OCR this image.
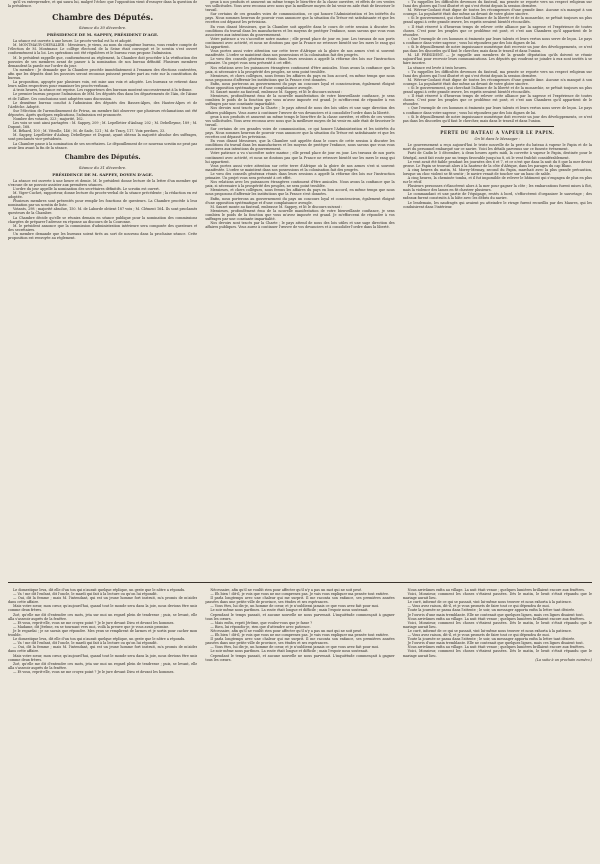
qu'il va entreprendre, et qui saura lui, malgré l'échec que l'opposition vient d'essuyer dans la question de la présidence.

Chambre des Députés.
Séance du 30 décembre.
PRÉSIDENCE DE M. SAPPEY, PRÉSIDENT D'AGE.

La séance est ouverte à une heure. Le procès-verbal est lu et adopté.

M. MONTMAUR-CHEVALIER : Messieurs, je viens, au nom du cinquième bureau, vous rendre compte de l'élection de M. Montmaur. Le collège électoral de la Seine était convoqué et le scrutin s'est ouvert conformément à la loi. Les opérations ont été régulières et le bureau vous propose l'admission.

M. le président rappelle que, conformément au règlement, la Chambre doit procéder à la vérification des pouvoirs de ses membres avant de passer à la nomination de son bureau définitif. Plusieurs membres demandent la parole sur l'ordre du jour.

Un membre : Je demande que la Chambre procède immédiatement à l'examen des élections contestées, afin que les députés dont les pouvoirs seront reconnus puissent prendre part au vote sur la constitution du bureau.

La proposition, appuyée par plusieurs voix, est mise aux voix et adoptée. Les bureaux se retirent dans leurs salles respectives pour examiner les procès-verbaux.

A trois heures, la séance est reprise. Les rapporteurs des bureaux montent successivement à la tribune.

Le premier bureau propose l'admission de MM. les députés élus dans les départements de l'Ain, de l'Aisne et de l'Allier. Ces conclusions sont adoptées sans discussion.

Le deuxième bureau conclut à l'admission des députés des Basses-Alpes, des Hautes-Alpes et de l'Ardèche. Adopté.

Sur l'élection de l'arrondissement de Privas, un membre fait observer que plusieurs réclamations ont été déposées. Après quelques explications, l'admission est prononcée.

Nombre des votants, 323 ; majorité, 162.

Les voix se sont ainsi partagées : M. Sappey, 209 ; M. Lepelletier d'Aulnay, 202 ; M. Debelleyme, 189 ; M. Dupont, 168.

M. Béhard, 100 ; M. Vitrolle, 146 ; M. de Sade, 121 ; M. de Tracy, 117. Voix perdues, 33.

M. Sappey, Lepelletier d'Aulnay, Debelleyme et Dupont, ayant obtenu la majorité absolue des suffrages, sont proclamés vice-présidents.

La Chambre passe à la nomination de ses secrétaires. Le dépouillement de ce nouveau scrutin ne peut pas avoir lieu avant la fin de la séance.

Chambre des Députés.
Séance du 31 décembre.
PRÉSIDENCE DE M. SAPPEY, DOYEN D'AGE.

La séance est ouverte à une heure et demie. M. le président donne lecture de la lettre d'un membre qui s'excuse de ne pouvoir assister aux premières séances.

L'ordre du jour appelle la nomination des secrétaires définitifs. Le scrutin est ouvert.

M. Viger-Cuchet, rapporteur, donne lecture du procès-verbal de la séance précédente ; la rédaction en est adoptée.

Plusieurs membres sont présentés pour remplir les fonctions de questeurs. La Chambre procède à leur nomination par un scrutin de liste.

Votants, 298 ; majorité absolue, 150. M. de Laborde obtient 187 voix ; M. Clément 164. Ils sont proclamés questeurs de la Chambre.

La Chambre décide qu'elle se réunira demain en séance publique pour la nomination des commissions chargées de préparer l'adresse en réponse au discours de la Couronne.

M. le président annonce que la commission d'administration intérieure sera composée des questeurs et des secrétaires.

Un membre demande que les bureaux soient tirés au sort de nouveau dans la prochaine séance. Cette proposition est renvoyée au règlement.

geux à nos produits et assurent un même temps le bien-être de la classe ouvrière, et effets de ces ventes vos sollicitudes. Vous avez reconnu avec nous que la meilleure moyen de lui venir en aide était de favoriser le travail.

Sur certains de ces grandes voies de communication, ce qui honore l'Administration et les intérêts du pays. Nous sommes heureux de pouvoir vous annoncer que la situation du Trésor est satisfaisante et que les recettes ont dépassé les prévisions.

En vous disant Messieurs, que la Chambre soit appelée dans le cours de cette session à discuter les conditions du travail dans les manufactures et les moyens de protéger l'enfance, nous savons que vous vous associerez aux intentions du gouvernement.

Votre patience a vu s'accroître notre marine ; elle prend place de jour en jour. Les travaux de nos ports continuent avec activité, et nous ne doutons pas que la France ne retrouve bientôt sur les mers le rang qui lui appartient.

Vous portez aussi votre attention sur cette terre d'Afrique où la gloire de nos armes s'est si souvent manifestée. L'ordre se maintient dans nos possessions et la colonisation fait des progrès.

Le vœu des conseils généraux réunis dans leurs sessions a appelé la réforme des lois sur l'instruction primaire. Un projet vous sera présenté à cet effet.

Nos relations avec les puissances étrangères continuent d'être amicales. Nous avons la confiance que la paix, si nécessaire à la prospérité des peuples, ne sera point troublée.

Messieurs, et chers collègues, nous ferons les affaires du pays en bon accord, en même temps que nous nous proposons d'affermir les institutions que la France s'est données.

Enfin, nous porterons au gouvernement du pays un concours loyal et consciencieux, également éloigné d'une opposition systématique et d'une complaisance aveugle.

M. Sauzet monte au fauteuil, embrasse M. Sappey, et lit le discours suivant :

Messieurs, profondément ému de la nouvelle manifestation de votre bienveillante confiance, je sens combien le poids de la fonction que vous m'avez imposée est grand. Je m'efforcerai de répondre à vos suffrages par une constante impartialité.

Nos devoirs sont tracés par la Charte ; le pays attend de nous des lois utiles et une sage direction des affaires publiques. Vous aurez à continuer l'œuvre de vos devanciers et à consolider l'ordre dans la liberté.

geux à nos produits et assurent un même temps le bien-être de la classe ouvrière, et effets de ces ventes vos sollicitudes. Vous avez reconnu avec nous que la meilleure moyen de lui venir en aide était de favoriser le travail.

Sur certains de ces grandes voies de communication, ce qui honore l'Administration et les intérêts du pays. Nous sommes heureux de pouvoir vous annoncer que la situation du Trésor est satisfaisante et que les recettes ont dépassé les prévisions.

En vous disant Messieurs, que la Chambre soit appelée dans le cours de cette session à discuter les conditions du travail dans les manufactures et les moyens de protéger l'enfance, nous savons que vous vous associerez aux intentions du gouvernement.

Votre patience a vu s'accroître notre marine ; elle prend place de jour en jour. Les travaux de nos ports continuent avec activité, et nous ne doutons pas que la France ne retrouve bientôt sur les mers le rang qui lui appartient.

Vous portez aussi votre attention sur cette terre d'Afrique où la gloire de nos armes s'est si souvent manifestée. L'ordre se maintient dans nos possessions et la colonisation fait des progrès.

Le vœu des conseils généraux réunis dans leurs sessions a appelé la réforme des lois sur l'instruction primaire. Un projet vous sera présenté à cet effet.

Nos relations avec les puissances étrangères continuent d'être amicales. Nous avons la confiance que la paix, si nécessaire à la prospérité des peuples, ne sera point troublée.

Messieurs, et chers collègues, nous ferons les affaires du pays en bon accord, en même temps que nous nous proposons d'affermir les institutions que la France s'est données.

Enfin, nous porterons au gouvernement du pays un concours loyal et consciencieux, également éloigné d'une opposition systématique et d'une complaisance aveugle.

M. Sauzet monte au fauteuil, embrasse M. Sappey, et lit le discours suivant :

Messieurs, profondément ému de la nouvelle manifestation de votre bienveillante confiance, je sens combien le poids de la fonction que vous m'avez imposée est grand. Je m'efforcerai de répondre à vos suffrages par une constante impartialité.

Nos devoirs sont tracés par la Charte ; le pays attend de nous des lois utiles et une sage direction des affaires publiques. Vous aurez à continuer l'œuvre de vos devanciers et à consolider l'ordre dans la liberté.

« Tu rappelles les difficultés devenues du fauteuil, ma pensée se reporte vers un respect religieux sur l'ami des gloires qui l'ont illustré et qui s'est éteint depuis la session dernière.

M. Wéreur-Coolant était digne de toutes les récompenses d'une grande âme. Aucune n'a manqué à son courage. La popularité était due même au devant de votre gloire sincère.

« Si le gouvernement, qui cherchait l'alliance de la liberté et de la monarchie, se prêtait toujours un plus grand appui à cette grande œuvre, les esprits seraient bientôt réconciliés.

« Il était réservé à d'heureux temps de relever cette alliance par la sagesse et l'expérience de toutes choses. C'est pour les peuples que ce problème est posé, et c'est aux Chambres qu'il appartient de le résoudre.

« Que l'exemple de ces hommes si éminents par leurs talents et leurs vertus nous serve de leçon. Le pays a confiance dans votre sagesse ; vous lui répondrez par des lois dignes de lui.

« Si le dépouillement de notre impuissance numérique doit recevoir un jour des développements, ce n'est pas dans les discordes qu'il faut le chercher, mais dans le travail et dans l'union.

M. LE PRÉSIDENT. — Je rappelle aux membres de la grande députation qu'ils doivent se réunir aujourd'hui pour recevoir leurs communications. Les députés qui voudront se joindre à eux sont invités à se faire inscrire.

La séance est levée à trois heures.

« Tu rappelles les difficultés devenues du fauteuil, ma pensée se reporte vers un respect religieux sur l'ami des gloires qui l'ont illustré et qui s'est éteint depuis la session dernière.

M. Wéreur-Coolant était digne de toutes les récompenses d'une grande âme. Aucune n'a manqué à son courage. La popularité était due même au devant de votre gloire sincère.

« Si le gouvernement, qui cherchait l'alliance de la liberté et de la monarchie, se prêtait toujours un plus grand appui à cette grande œuvre, les esprits seraient bientôt réconciliés.

« Il était réservé à d'heureux temps de relever cette alliance par la sagesse et l'expérience de toutes choses. C'est pour les peuples que ce problème est posé, et c'est aux Chambres qu'il appartient de le résoudre.

« Que l'exemple de ces hommes si éminents par leurs talents et leurs vertus nous serve de leçon. Le pays a confiance dans votre sagesse ; vous lui répondrez par des lois dignes de lui.

« Si le dépouillement de notre impuissance numérique doit recevoir un jour des développements, ce n'est pas dans les discordes qu'il faut le chercher, mais dans le travail et dans l'union.

PERTE DU BATEAU A VAPEUR LE PAPIN.
On lit dans le Messager :

Le gouvernement a reçu aujourd'hui le triste nouvelle de la perte du bateau à vapeur le Papin et de la mort du personnel embarqué sur ce navire. Voici les détails parvenus sur ce funeste événement.

Parti de Cadix le 5 décembre, à deux heures après midi, la corvette à vapeur le Papin, destinée pour le Sénégal, avait fait route par un temps favorable jusqu'au 8, où le vent fraîchit considérablement.

Le vent avait été faible pendant les journées des 6 et 7, et ce n'est que dans la nuit du 8 que la mer devint grosse. Le Papin se trouvait alors à la hauteur de la côte d'Afrique, dans les parages du cap Blanc.

A cinq heures du matin, M. Morey-Mesnay, second du Papin, marchait avec la plus grande précaution, lorsque un choc violent se fit sentir ; le navire venait de toucher sur un banc de sable.

A cinq heures, la cheminée tomba, et il fut impossible de relever le bâtiment qui s'engagea de plus en plus sur le récif.

Plusieurs personnes s'élancèrent alors à la mer pour gagner la côte ; les embarcations furent mises à flot, mais la violence des lames en fit chavirer plusieurs.

Le commandant et une partie de l'équipage, restés à bord, s'efforcèrent d'organiser le sauvetage ; des radeaux furent construits à la hâte avec les débris du navire.

Le lendemain, les naufragés qui avaient pu atteindre le rivage furent recueillis par des Maures, qui les conduisirent dans l'intérieur.

Le domestique leva, dit elle d'un ton qui n'aurait quelque réplique, un geste que le nôtre a répondu.

— Va ! me dit l'enfant, dit l'oncle, le mardi qui fait à la lecture ou qu'on lui répondit.

— Oui, dit la femme ; mais M. l'intendant, qui est un jeune homme fort instruit, m'a promis de m'aider dans cette affaire.

Mais votre sœur, mon cœur, qu'aujourd'hui, quand tout le monde sera dans la joie, nous devions être unis comme deux frères.

Zoé, qu'elle me dit d'entendre ces mots, jeta sur moi un regard plein de tendresse ; puis, se levant, elle alla s'asseoir auprès de la fenêtre.

— Et vous, reprit-elle, vous ne me croyez point ? Je le jure devant Dieu et devant les hommes.

— Madame, dit Jérôme, en se tournant vers moi, voilà la preuve que je vous avais promise.

Je le regardai ; je ne savais que répondre. Mes yeux se remplirent de larmes et je sortis pour cacher mon trouble.

Le domestique leva, dit elle d'un ton qui n'aurait quelque réplique, un geste que le nôtre a répondu.

— Va ! me dit l'enfant, dit l'oncle, le mardi qui fait à la lecture ou qu'on lui répondit.

— Oui, dit la femme ; mais M. l'intendant, qui est un jeune homme fort instruit, m'a promis de m'aider dans cette affaire.

Mais votre sœur, mon cœur, qu'aujourd'hui, quand tout le monde sera dans la joie, nous devions être unis comme deux frères.

Zoé, qu'elle me dit d'entendre ces mots, jeta sur moi un regard plein de tendresse ; puis, se levant, elle alla s'asseoir auprès de la fenêtre.

— Et vous, reprit-elle, vous ne me croyez point ? Je le jure devant Dieu et devant les hommes.

Nécessaire, afin qu'il ne voulût rien pour affecter qu'il n'y a pas un mot qui ne soit pesé.

— Eh bien ! dit-il, je vois que vous ne me comprenez pas. Je vais vous expliquer ma pensée tout entière.

Il parla longtemps avec une chaleur qui me surprit. Il me raconta son enfance, ses premières années passées dans une petite ville de province, ses études et ses espérances.

— Vous êtes, lui dis-je, un homme de cœur, et je n'oublierai jamais ce que vous avez fait pour moi.

Le soir même nous partîmes. La route était longue et difficile ; mais l'espoir nous soutenait.

Cependant le temps passait, et aucune nouvelle ne nous parvenait. L'inquiétude commençait à gagner tous les cœurs.

— Mais enfin, reprit Jérôme, que voulez-vous que je fasse ?

— Rien, lui répondis-je, rien que d'attendre avec patience.

Nécessaire, afin qu'il ne voulût rien pour affecter qu'il n'y a pas un mot qui ne soit pesé.

— Eh bien ! dit-il, je vois que vous ne me comprenez pas. Je vais vous expliquer ma pensée tout entière.

Il parla longtemps avec une chaleur qui me surprit. Il me raconta son enfance, ses premières années passées dans une petite ville de province, ses études et ses espérances.

— Vous êtes, lui dis-je, un homme de cœur, et je n'oublierai jamais ce que vous avez fait pour moi.

Le soir même nous partîmes. La route était longue et difficile ; mais l'espoir nous soutenait.

Cependant le temps passait, et aucune nouvelle ne nous parvenait. L'inquiétude commençait à gagner tous les cœurs.

Nous arrivâmes enfin au village. La nuit était venue ; quelques lumières brillaient encore aux fenêtres.

Voici, Monsieur, comment les choses s'étaient passées. Dès le matin, le bruit s'était répandu que le mariage aurait lieu.

Le curé, informé de ce qui se passait, vint lui-même nous trouver et nous exhorta à la patience.

— Vous avez raison, dit-il, et je vous promets de faire tout ce qui dépendra de moi.

Toute la journée se passa dans l'attente ; le soir, un messager apporta enfin la lettre tant désirée.

Je l'ouvris d'une main tremblante. Elle ne contenait que quelques lignes, mais ces lignes disaient tout.

Nous arrivâmes enfin au village. La nuit était venue ; quelques lumières brillaient encore aux fenêtres.

Voici, Monsieur, comment les choses s'étaient passées. Dès le matin, le bruit s'était répandu que le mariage aurait lieu.

Le curé, informé de ce qui se passait, vint lui-même nous trouver et nous exhorta à la patience.

— Vous avez raison, dit-il, et je vous promets de faire tout ce qui dépendra de moi.

Toute la journée se passa dans l'attente ; le soir, un messager apporta enfin la lettre tant désirée.

Je l'ouvris d'une main tremblante. Elle ne contenait que quelques lignes, mais ces lignes disaient tout.

Nous arrivâmes enfin au village. La nuit était venue ; quelques lumières brillaient encore aux fenêtres.

Voici, Monsieur, comment les choses s'étaient passées. Dès le matin, le bruit s'était répandu que le mariage aurait lieu.

(La suite à un prochain numéro.)
